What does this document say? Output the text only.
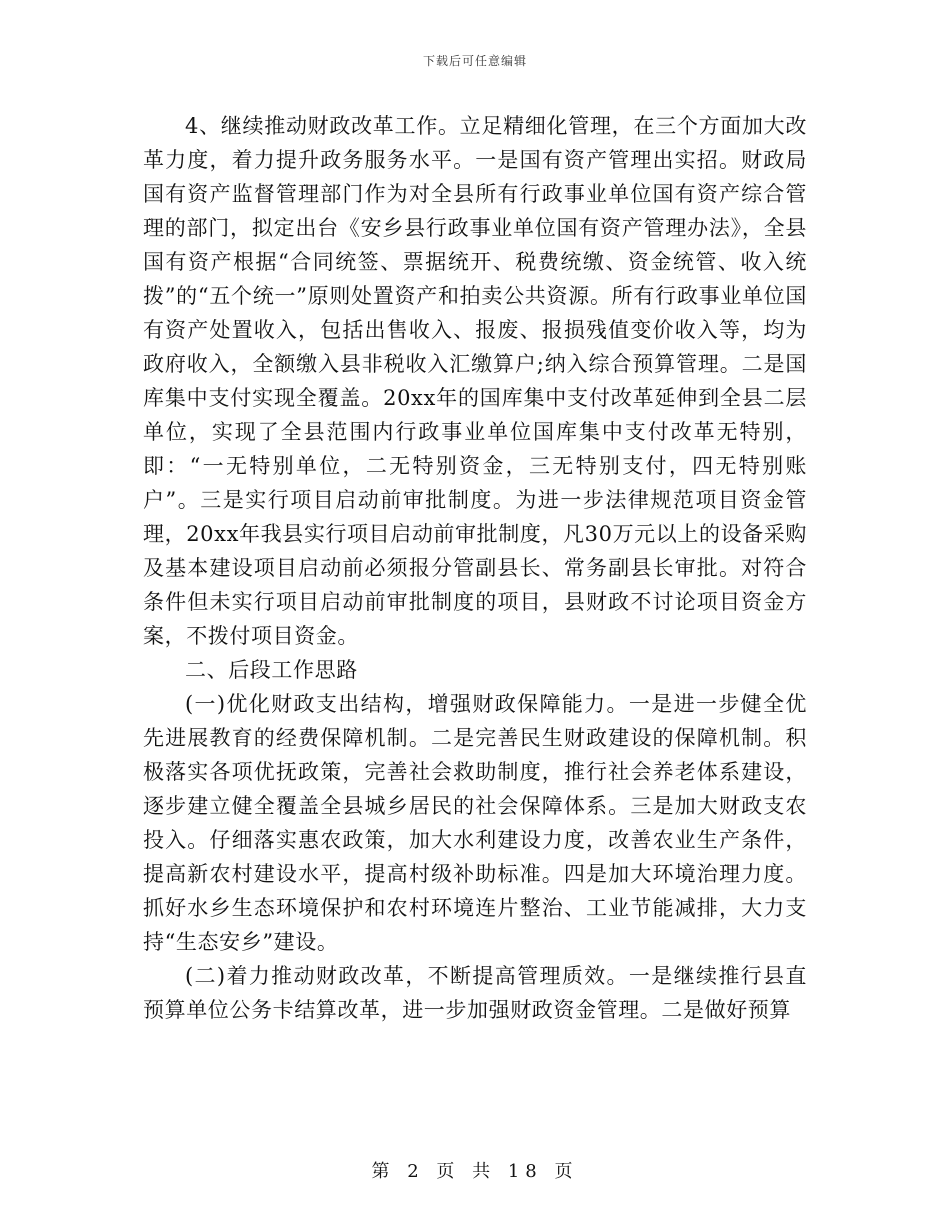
下载后可任意编辑

4、继续推动财政改革工作。立足精细化管理，在三个方面加大改革力度，着力提升政务服务水平。一是国有资产管理出实招。财政局国有资产监督管理部门作为对全县所有行政事业单位国有资产综合管理的部门，拟定出台《安乡县行政事业单位国有资产管理办法》，全县国有资产根据“合同统签、票据统开、税费统缴、资金统管、收入统拨”的“五个统一”原则处置资产和拍卖公共资源。所有行政事业单位国有资产处置收入，包括出售收入、报废、报损残值变价收入等，均为政府收入，全额缴入县非税收入汇缴算户;纳入综合预算管理。二是国库集中支付实现全覆盖。20xx年的国库集中支付改革延伸到全县二层单位，实现了全县范围内行政事业单位国库集中支付改革无特别，即：“一无特别单位，二无特别资金，三无特别支付，四无特别账户”。三是实行项目启动前审批制度。为进一步法律规范项目资金管理，20xx年我县实行项目启动前审批制度，凡30万元以上的设备采购及基本建设项目启动前必须报分管副县长、常务副县长审批。对符合条件但未实行项目启动前审批制度的项目，县财政不讨论项目资金方案，不拨付项目资金。

二、后段工作思路

(一)优化财政支出结构，增强财政保障能力。一是进一步健全优先进展教育的经费保障机制。二是完善民生财政建设的保障机制。积极落实各项优抚政策，完善社会救助制度，推行社会养老体系建设，逐步建立健全覆盖全县城乡居民的社会保障体系。三是加大财政支农投入。仔细落实惠农政策，加大水利建设力度，改善农业生产条件，提高新农村建设水平，提高村级补助标准。四是加大环境治理力度。抓好水乡生态环境保护和农村环境连片整治、工业节能减排，大力支持“生态安乡”建设。

(二)着力推动财政改革，不断提高管理质效。一是继续推行县直预算单位公务卡结算改革，进一步加强财政资金管理。二是做好预算

第 2 页 共 18 页
